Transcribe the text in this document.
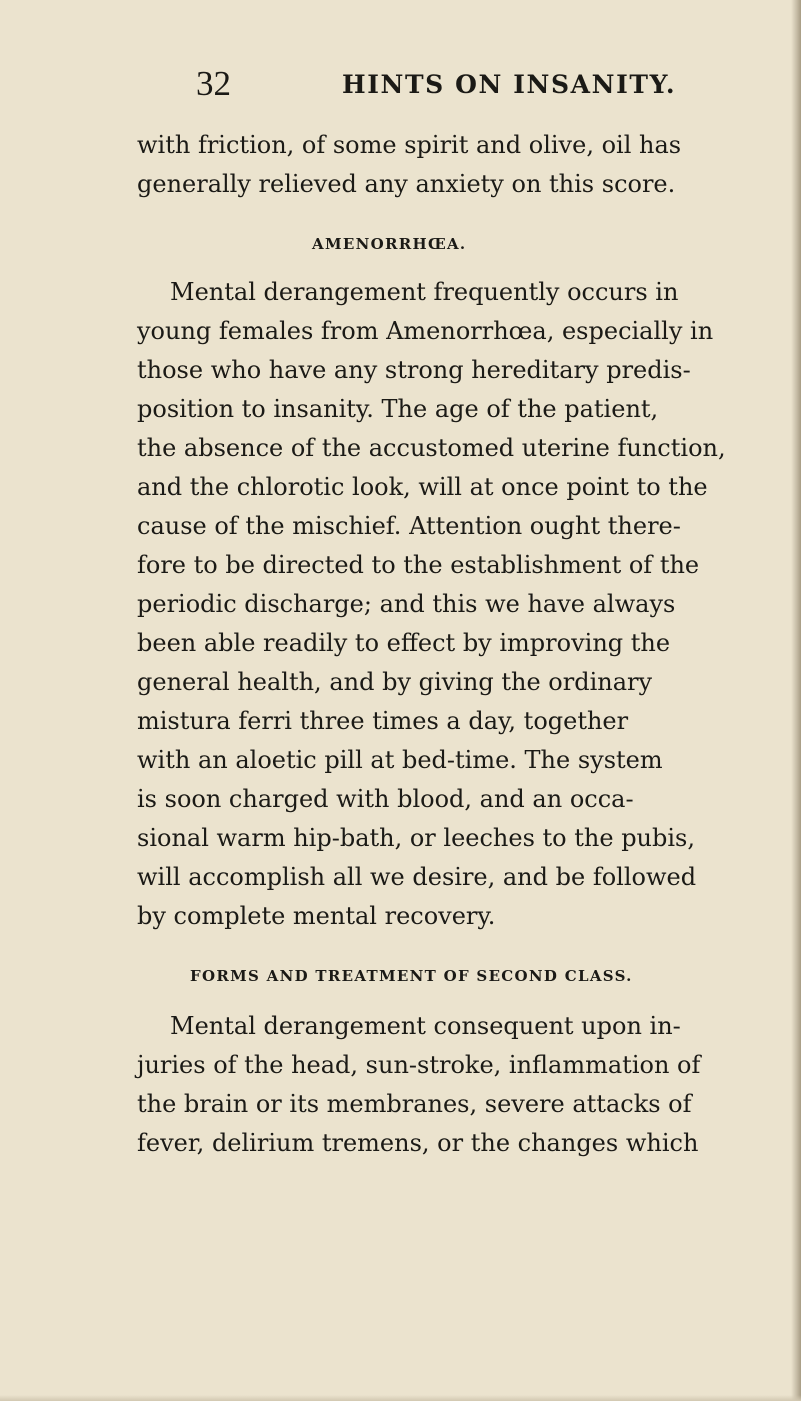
32	HINTS ON INSANITY.
with friction, of some spirit and olive, oil has
generally relieved any anxiety on this score.
AMENORRHŒA.
Mental derangement frequently occurs in
young females from Amenorrhœa, especially in
those who have any strong hereditary predis-
position to insanity. The age of the patient,
the absence of the accustomed uterine function,
and the chlorotic look, will at once point to the
cause of the mischief. Attention ought there-
fore to be directed to the establishment of the
periodic discharge; and this we have always
been able readily to effect by improving the
general health, and by giving the ordinary
mistura ferri three times a day, together
with an aloetic pill at bed-time. The system
is soon charged with blood, and an occa-
sional warm hip-bath, or leeches to the pubis,
will accomplish all we desire, and be followed
by complete mental recovery.
FORMS AND TREATMENT OF SECOND CLASS.
Mental derangement consequent upon in-
juries of the head, sun-stroke, inflammation of
the brain or its membranes, severe attacks of
fever, delirium tremens, or the changes which
